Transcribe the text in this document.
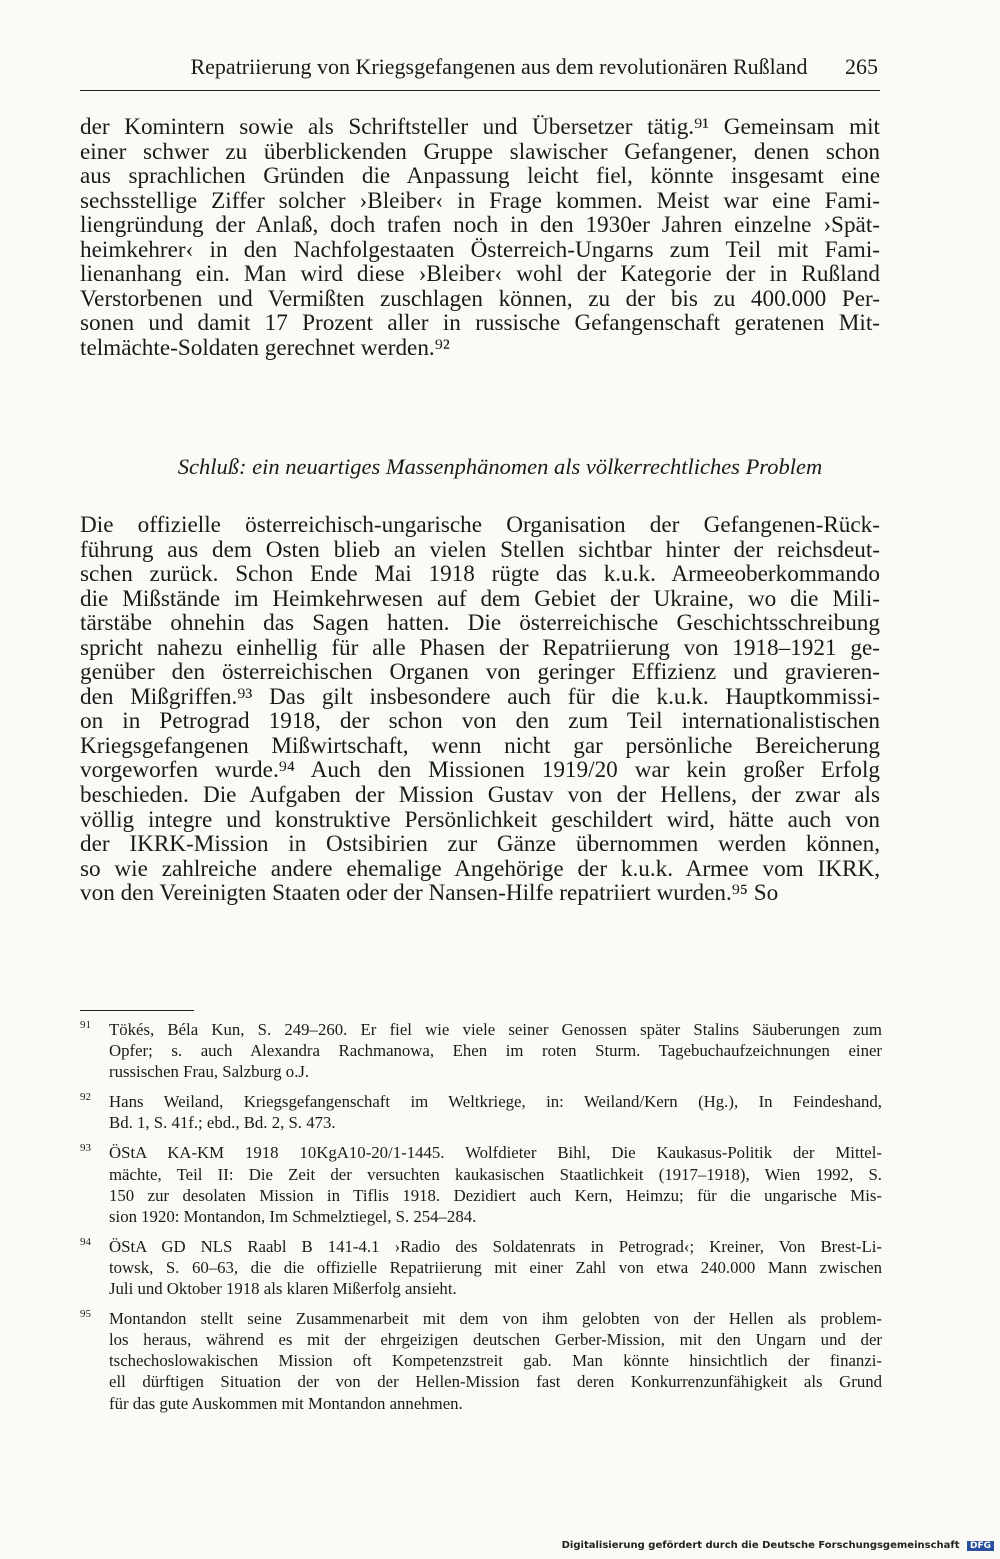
Repatriierung von Kriegsgefangenen aus dem revolutionären Rußland	265
der Komintern sowie als Schriftsteller und Übersetzer tätig.⁹¹ Gemeinsam mit
einer schwer zu überblickenden Gruppe slawischer Gefangener, denen schon
aus sprachlichen Gründen die Anpassung leicht fiel, könnte insgesamt eine
sechsstellige Ziffer solcher ›Bleiber‹ in Frage kommen. Meist war eine Fami-
liengründung der Anlaß, doch trafen noch in den 1930er Jahren einzelne ›Spät-
heimkehrer‹ in den Nachfolgestaaten Österreich-Ungarns zum Teil mit Fami-
lienanhang ein. Man wird diese ›Bleiber‹ wohl der Kategorie der in Rußland
Verstorbenen und Vermißten zuschlagen können, zu der bis zu 400.000 Per-
sonen und damit 17 Prozent aller in russische Gefangenschaft geratenen Mit-
telmächte-Soldaten gerechnet werden.⁹²
Schluß: ein neuartiges Massenphänomen als völkerrechtliches Problem
Die offizielle österreichisch-ungarische Organisation der Gefangenen-Rück-
führung aus dem Osten blieb an vielen Stellen sichtbar hinter der reichsdeut-
schen zurück. Schon Ende Mai 1918 rügte das k.u.k. Armeeoberkommando
die Mißstände im Heimkehrwesen auf dem Gebiet der Ukraine, wo die Mili-
tärstäbe ohnehin das Sagen hatten. Die österreichische Geschichtsschreibung
spricht nahezu einhellig für alle Phasen der Repatriierung von 1918–1921 ge-
genüber den österreichischen Organen von geringer Effizienz und gravieren-
den Mißgriffen.⁹³ Das gilt insbesondere auch für die k.u.k. Hauptkommissi-
on in Petrograd 1918, der schon von den zum Teil internationalistischen
Kriegsgefangenen Mißwirtschaft, wenn nicht gar persönliche Bereicherung
vorgeworfen wurde.⁹⁴ Auch den Missionen 1919/20 war kein großer Erfolg
beschieden. Die Aufgaben der Mission Gustav von der Hellens, der zwar als
völlig integre und konstruktive Persönlichkeit geschildert wird, hätte auch von
der IKRK-Mission in Ostsibirien zur Gänze übernommen werden können,
so wie zahlreiche andere ehemalige Angehörige der k.u.k. Armee vom IKRK,
von den Vereinigten Staaten oder der Nansen-Hilfe repatriiert wurden.⁹⁵ So
91 Tökés, Béla Kun, S. 249–260. Er fiel wie viele seiner Genossen später Stalins Säuberungen zum
Opfer; s. auch Alexandra Rachmanowa, Ehen im roten Sturm. Tagebuchaufzeichnungen einer
russischen Frau, Salzburg o.J.
92 Hans Weiland, Kriegsgefangenschaft im Weltkriege, in: Weiland/Kern (Hg.), In Feindeshand,
Bd. 1, S. 41f.; ebd., Bd. 2, S. 473.
93 ÖStA KA-KM 1918 10KgA10-20/1-1445. Wolfdieter Bihl, Die Kaukasus-Politik der Mittel-
mächte, Teil II: Die Zeit der versuchten kaukasischen Staatlichkeit (1917–1918), Wien 1992, S.
150 zur desolaten Mission in Tiflis 1918. Dezidiert auch Kern, Heimzu; für die ungarische Mis-
sion 1920: Montandon, Im Schmelztiegel, S. 254–284.
94 ÖStA GD NLS Raabl B 141-4.1 ›Radio des Soldatenrats in Petrograd‹; Kreiner, Von Brest-Li-
towsk, S. 60–63, die die offizielle Repatriierung mit einer Zahl von etwa 240.000 Mann zwischen
Juli und Oktober 1918 als klaren Mißerfolg ansieht.
95 Montandon stellt seine Zusammenarbeit mit dem von ihm gelobten von der Hellen als problem-
los heraus, während es mit der ehrgeizigen deutschen Gerber-Mission, mit den Ungarn und der
tschechoslowakischen Mission oft Kompetenzstreit gab. Man könnte hinsichtlich der finanzi-
ell dürftigen Situation der von der Hellen-Mission fast deren Konkurrenzunfähigkeit als Grund
für das gute Auskommen mit Montandon annehmen.
Digitalisierung gefördert durch die Deutsche Forschungsgemeinschaft DFG
